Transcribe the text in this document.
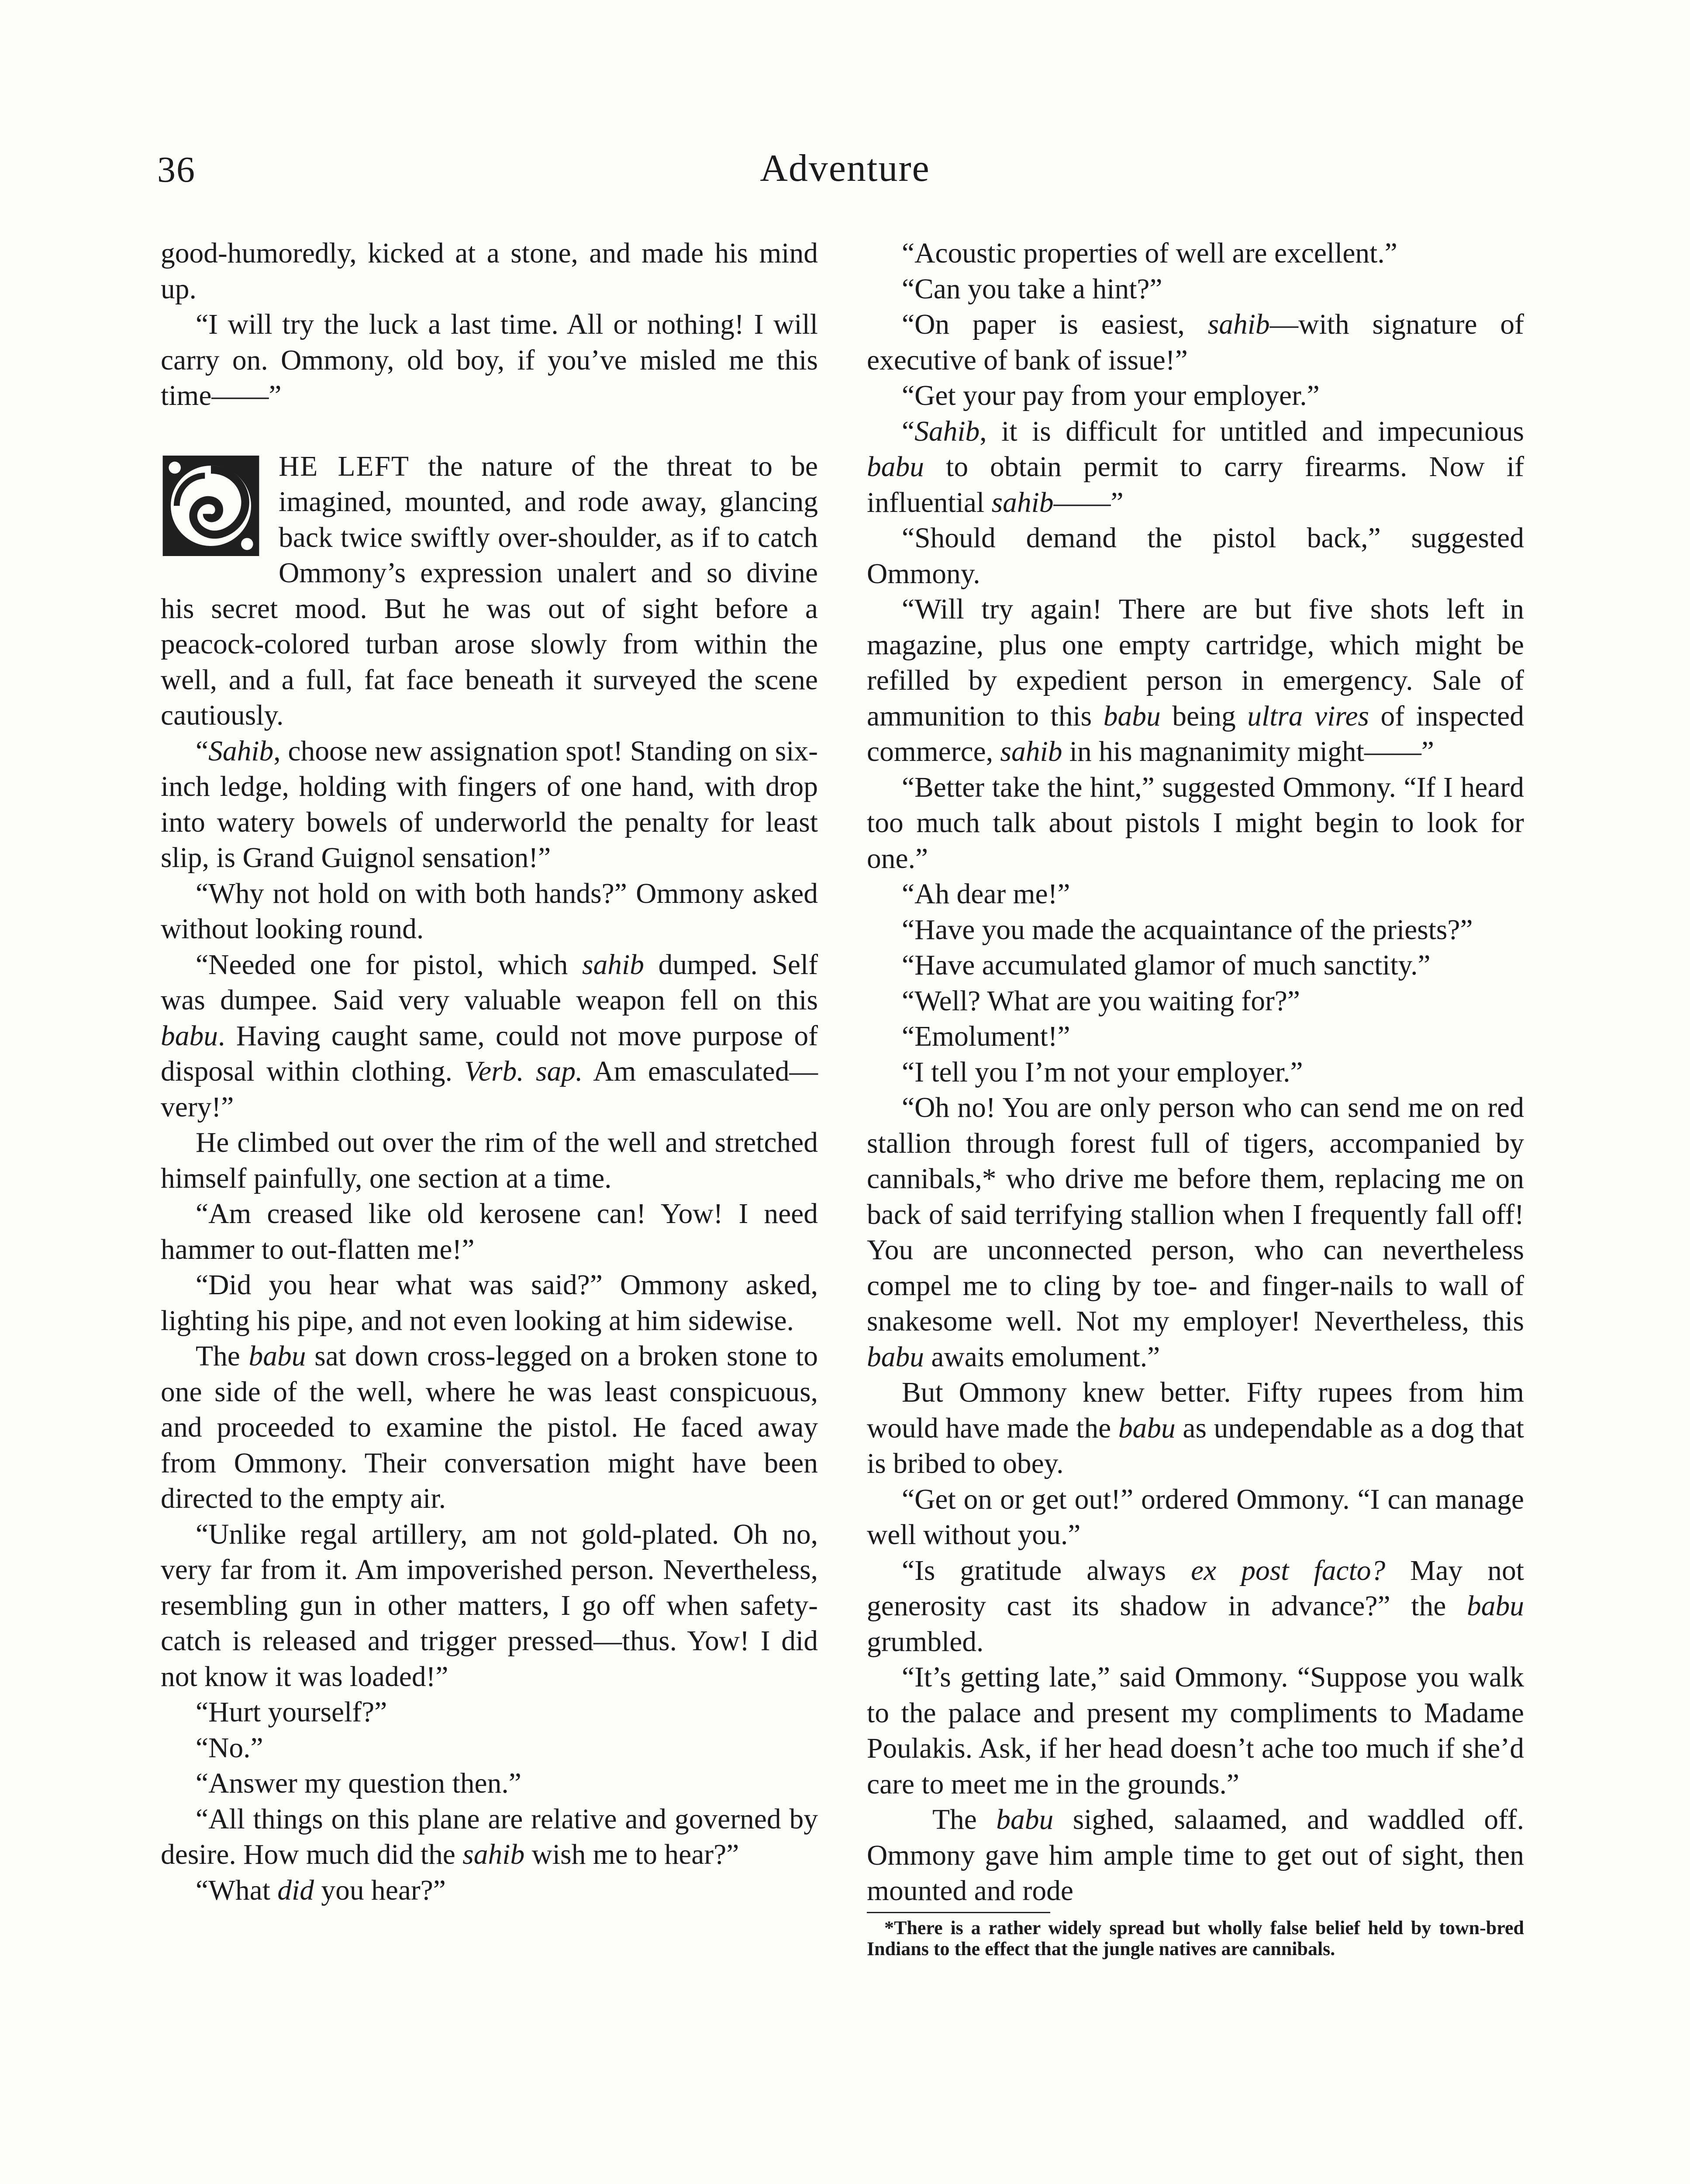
36	Adventure

good-humoredly, kicked at a stone, and made his mind up.

“I will try the luck a last time. All or nothing! I will carry on. Ommony, old boy, if you’ve misled me this time——”

HE LEFT the nature of the threat to be imagined, mounted, and rode away, glancing back twice swiftly over-shoulder, as if to catch Ommony’s expression unalert and so divine his secret mood. But he was out of sight before a peacock-colored turban arose slowly from within the well, and a full, fat face beneath it surveyed the scene cautiously.

“Sahib, choose new assignation spot! Standing on six-inch ledge, holding with fingers of one hand, with drop into watery bowels of underworld the penalty for least slip, is Grand Guignol sensation!”

“Why not hold on with both hands?” Ommony asked without looking round.

“Needed one for pistol, which sahib dumped. Self was dumpee. Said very valuable weapon fell on this babu. Having caught same, could not move purpose of disposal within clothing. Verb. sap. Am emasculated—very!”

He climbed out over the rim of the well and stretched himself painfully, one section at a time.

“Am creased like old kerosene can! Yow! I need hammer to out-flatten me!”

“Did you hear what was said?” Ommony asked, lighting his pipe, and not even looking at him sidewise.

The babu sat down cross-legged on a broken stone to one side of the well, where he was least conspicuous, and proceeded to examine the pistol. He faced away from Ommony. Their conversation might have been directed to the empty air.

“Unlike regal artillery, am not gold-plated. Oh no, very far from it. Am impoverished person. Nevertheless, resembling gun in other matters, I go off when safety-catch is released and trigger pressed—thus. Yow! I did not know it was loaded!”

“Hurt yourself?”

“No.”

“Answer my question then.”

“All things on this plane are relative and governed by desire. How much did the sahib wish me to hear?”

“What did you hear?”

“Acoustic properties of well are excellent.”

“Can you take a hint?”

“On paper is easiest, sahib—with signature of executive of bank of issue!”

“Get your pay from your employer.”

“Sahib, it is difficult for untitled and impecunious babu to obtain permit to carry firearms. Now if influential sahib——”

“Should demand the pistol back,” suggested Ommony.

“Will try again! There are but five shots left in magazine, plus one empty cartridge, which might be refilled by expedient person in emergency. Sale of ammunition to this babu being ultra vires of inspected commerce, sahib in his magnanimity might——”

“Better take the hint,” suggested Ommony. “If I heard too much talk about pistols I might begin to look for one.”

“Ah dear me!”

“Have you made the acquaintance of the priests?”

“Have accumulated glamor of much sanctity.”

“Well? What are you waiting for?”

“Emolument!”

“I tell you I’m not your employer.”

“Oh no! You are only person who can send me on red stallion through forest full of tigers, accompanied by cannibals,* who drive me before them, replacing me on back of said terrifying stallion when I frequently fall off! You are unconnected person, who can nevertheless compel me to cling by toe- and finger-nails to wall of snakesome well. Not my employer! Nevertheless, this babu awaits emolument.”

But Ommony knew better. Fifty rupees from him would have made the babu as undependable as a dog that is bribed to obey.

“Get on or get out!” ordered Ommony. “I can manage well without you.”

“Is gratitude always ex post facto? May not generosity cast its shadow in advance?” the babu grumbled.

“It’s getting late,” said Ommony. “Suppose you walk to the palace and present my compliments to Madame Poulakis. Ask, if her head doesn’t ache too much if she’d care to meet me in the grounds.”

The babu sighed, salaamed, and waddled off. Ommony gave him ample time to get out of sight, then mounted and rode

*There is a rather widely spread but wholly false belief held by town-bred Indians to the effect that the jungle natives are cannibals.
